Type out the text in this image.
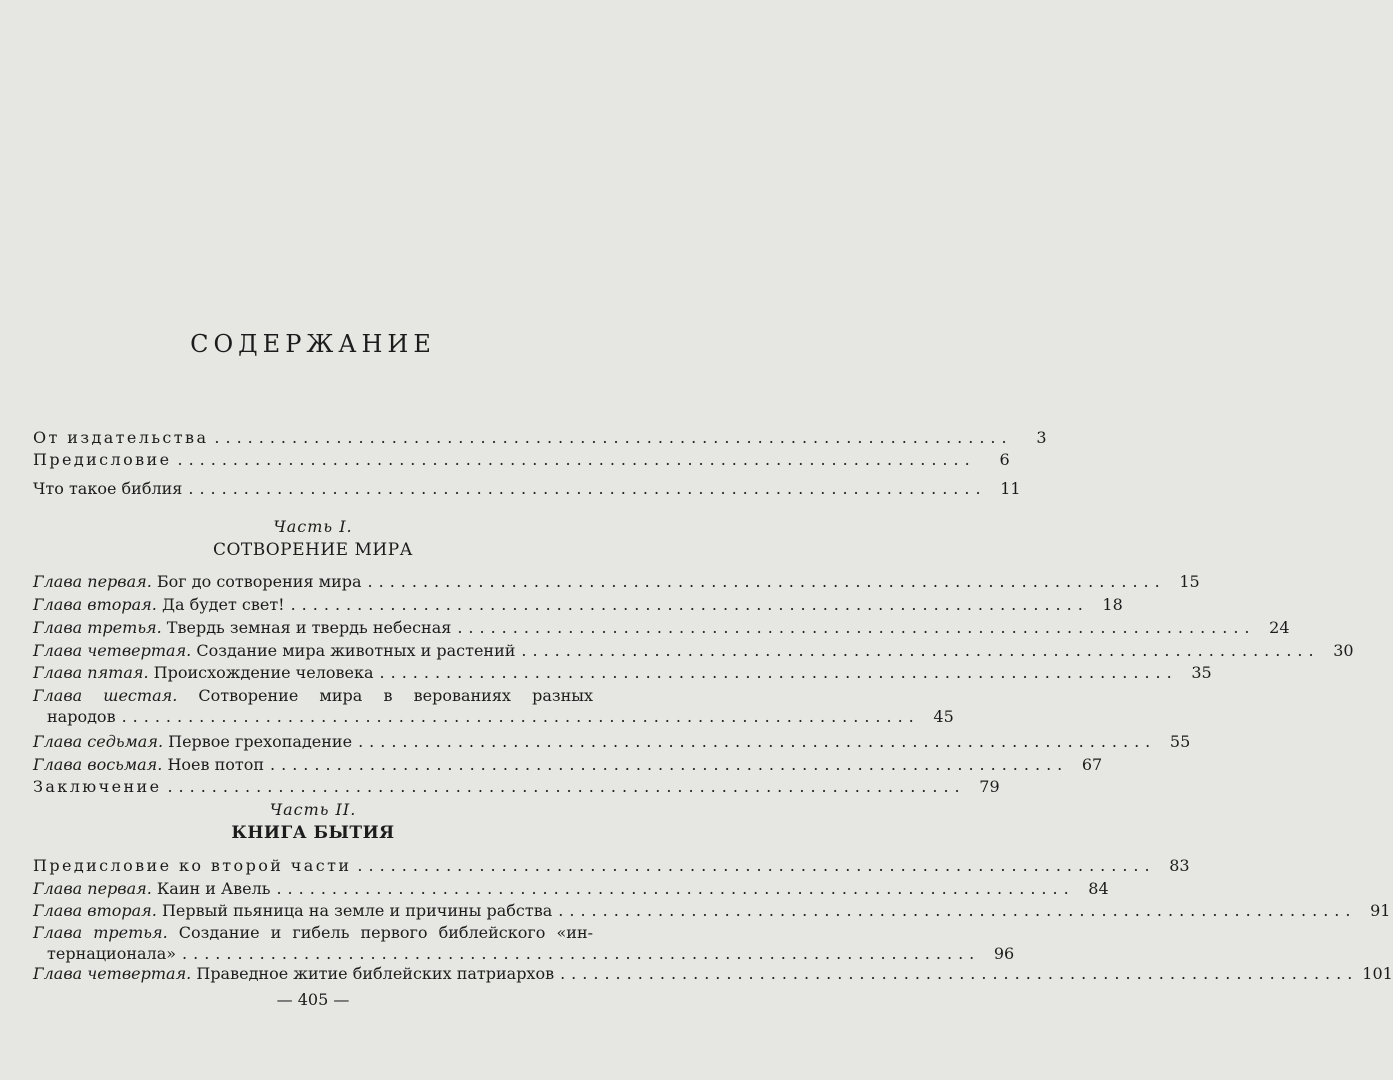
СОДЕРЖАНИЕ
От издательства ........................................................................	3
Предисловие ........................................................................	6
Что такое библия ........................................................................ 11
Часть I.
СОТВОРЕНИЕ МИРА
Глава первая. Бог до сотворения мира ........................................................................ 15
Глава вторая. Да будет свет! ........................................................................ 18
Глава третья. Твердь земная и твердь небесная ........................................................................ 24
Глава четвертая. Создание мира животных и растений ........................................................................ 30
Глава пятая. Происхождение человека ........................................................................ 35
Глава шестая. Сотворение мира в верованиях разных
народов ........................................................................ 45
Глава седьмая. Первое грехопадение ........................................................................ 55
Глава восьмая. Ноев потоп ........................................................................ 67
Заключение ........................................................................ 79
Часть II.
КНИГА БЫТИЯ
Предисловие ко второй части ........................................................................ 83
Глава первая. Каин и Авель ........................................................................ 84
Глава вторая. Первый пьяница на земле и причины рабства ........................................................................ 91
Глава третья. Создание и гибель первого библейского «ин-
тернационала» ........................................................................ 96
Глава четвертая. Праведное житие библейских патриархов ........................................................................ 101
— 405 —
